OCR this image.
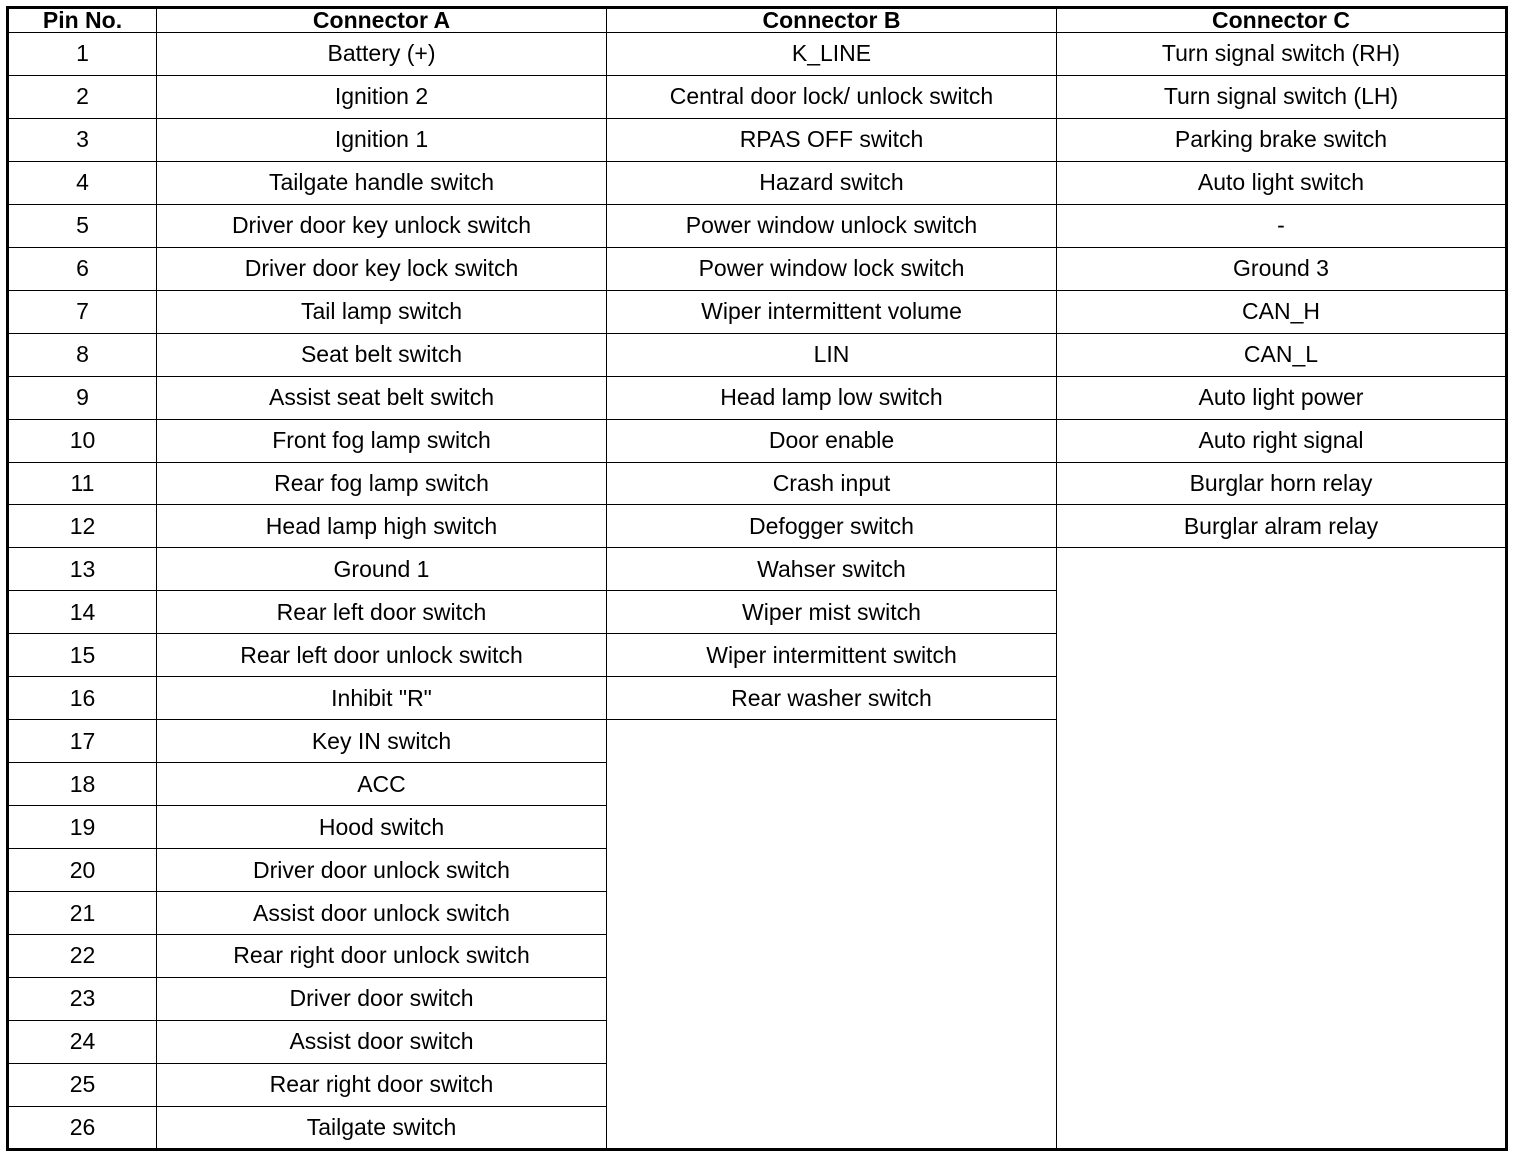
Pin No.	Connector A	Connector B	Connector C
1	Battery (+)	K_LINE	Turn signal switch (RH)
2	Ignition 2	Central door lock/ unlock switch	Turn signal switch (LH)
3	Ignition 1	RPAS OFF switch	Parking brake switch
4	Tailgate handle switch	Hazard switch	Auto light switch
5	Driver door key unlock switch	Power window unlock switch	-
6	Driver door key lock switch	Power window lock switch	Ground 3
7	Tail lamp switch	Wiper intermittent volume	CAN_H
8	Seat belt switch	LIN	CAN_L
9	Assist seat belt switch	Head lamp low switch	Auto light power
10	Front fog lamp switch	Door enable	Auto right signal
11	Rear fog lamp switch	Crash input	Burglar horn relay
12	Head lamp high switch	Defogger switch	Burglar alram relay
13	Ground 1	Wahser switch	
14	Rear left door switch	Wiper mist switch	
15	Rear left door unlock switch	Wiper intermittent switch	
16	Inhibit "R"	Rear washer switch	
17	Key IN switch		
18	ACC		
19	Hood switch		
20	Driver door unlock switch		
21	Assist door unlock switch		
22	Rear right door unlock switch		
23	Driver door switch		
24	Assist door switch		
25	Rear right door switch		
26	Tailgate switch		
